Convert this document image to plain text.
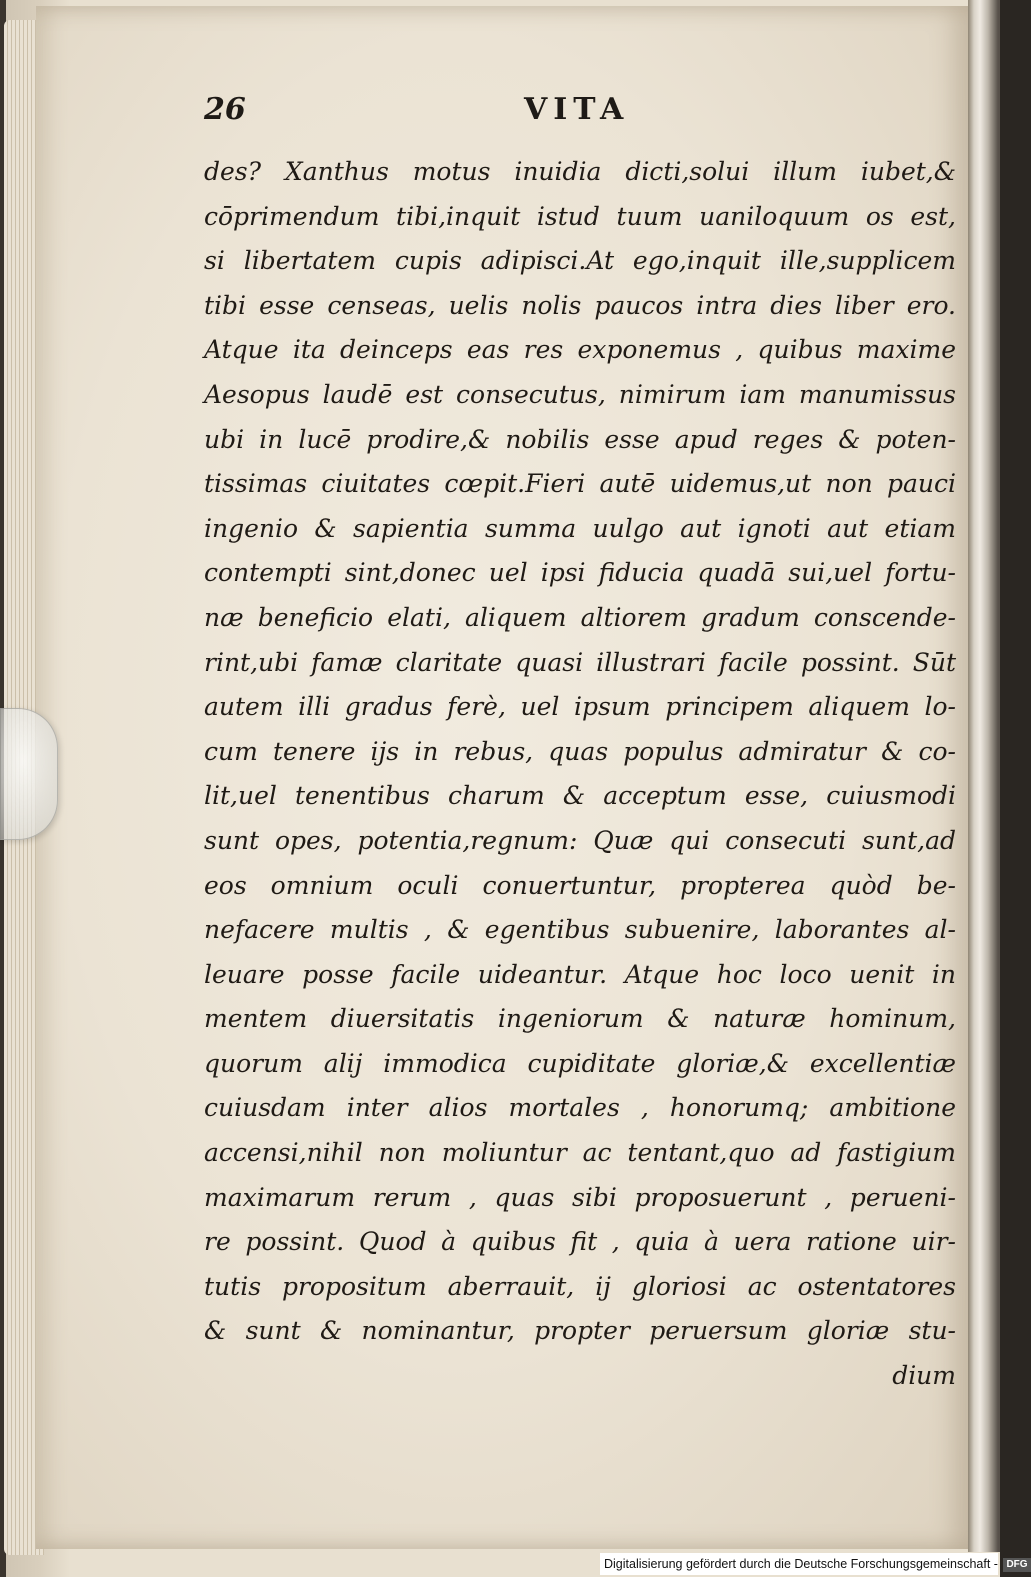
26	VITA
des? Xanthus motus inuidia dicti,solui illum iubet,&
cōprimendum tibi,inquit istud tuum uaniloquum os est,
si libertatem cupis adipisci.At ego,inquit ille,supplicem
tibi esse censeas, uelis nolis paucos intra dies liber ero.
Atque ita deinceps eas res exponemus , quibus maxime
Aesopus laudē est consecutus, nimirum iam manumissus
ubi in lucē prodire,& nobilis esse apud reges & poten-
tissimas ciuitates cœpit.Fieri autē uidemus,ut non pauci
ingenio & sapientia summa uulgo aut ignoti aut etiam
contempti sint,donec uel ipsi fiducia quadā sui,uel fortu-
næ beneficio elati, aliquem altiorem gradum conscende-
rint,ubi famæ claritate quasi illustrari facile possint. Sūt
autem illi gradus ferè, uel ipsum principem aliquem lo-
cum tenere ijs in rebus, quas populus admiratur & co-
lit,uel tenentibus charum & acceptum esse, cuiusmodi
sunt opes, potentia,regnum: Quæ qui consecuti sunt,ad
eos omnium oculi conuertuntur, propterea quòd be-
nefacere multis , & egentibus subuenire, laborantes al-
leuare posse facile uideantur. Atque hoc loco uenit in
mentem diuersitatis ingeniorum & naturæ hominum,
quorum alij immodica cupiditate gloriæ,& excellentiæ
cuiusdam inter alios mortales , honorumq; ambitione
accensi,nihil non moliuntur ac tentant,quo ad fastigium
maximarum rerum , quas sibi proposuerunt , perueni-
re possint. Quod à quibus fit , quia à uera ratione uir-
tutis propositum aberrauit, ij gloriosi ac ostentatores
& sunt & nominantur, propter peruersum gloriæ stu-
dium
Digitalisierung gefördert durch die Deutsche Forschungsgemeinschaft - DFG
